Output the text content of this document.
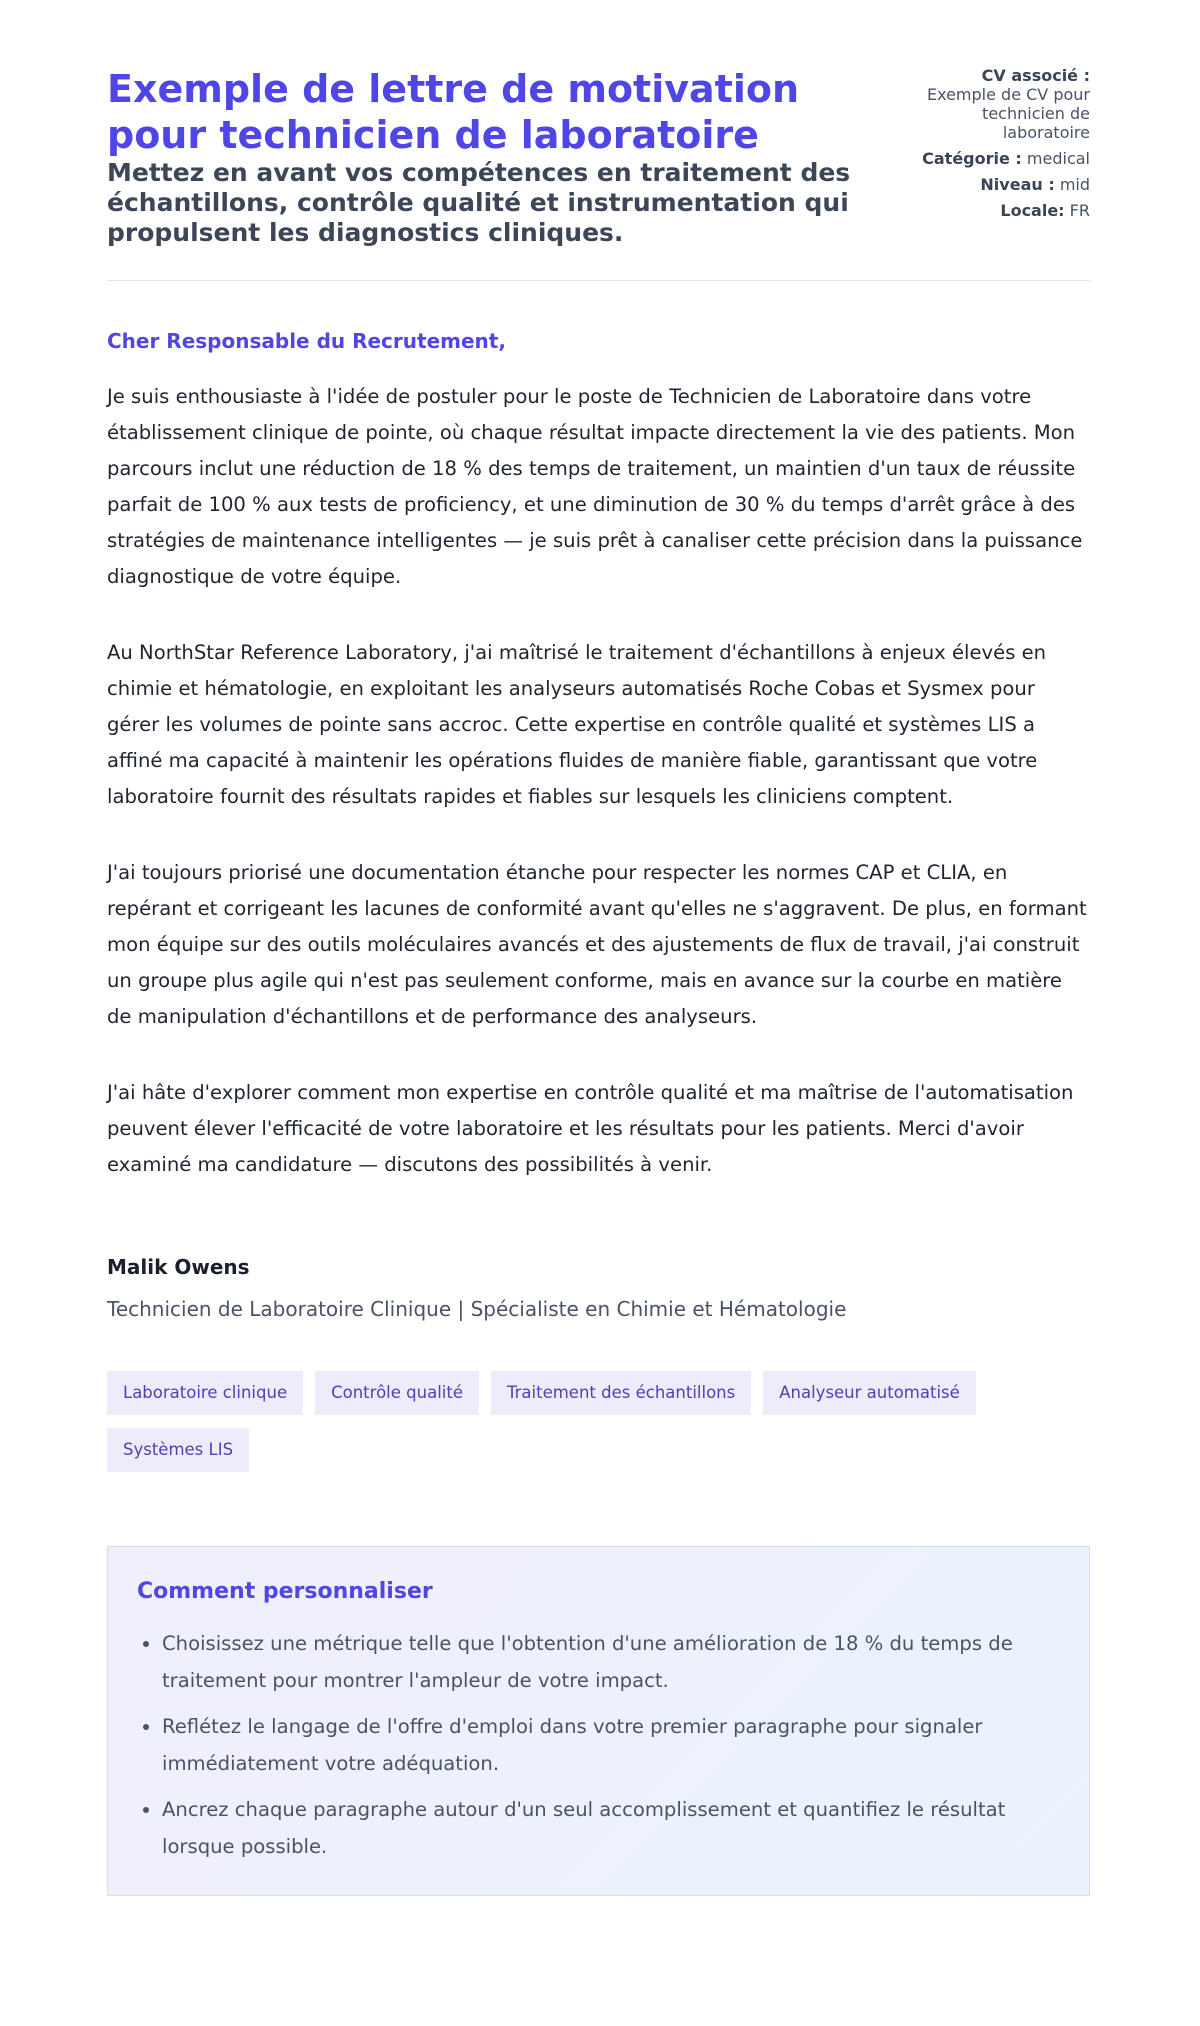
Exemple de lettre de motivation pour technicien de laboratoire

Mettez en avant vos compétences en traitement des échantillons, contrôle qualité et instrumentation qui propulsent les diagnostics cliniques.

CV associé :
Exemple de CV pour technicien de laboratoire
Catégorie : medical
Niveau : mid
Locale: FR
Cher Responsable du Recrutement,

Je suis enthousiaste à l'idée de postuler pour le poste de Technicien de Laboratoire dans votre établissement clinique de pointe, où chaque résultat impacte directement la vie des patients. Mon parcours inclut une réduction de 18 % des temps de traitement, un maintien d'un taux de réussite parfait de 100 % aux tests de proficiency, et une diminution de 30 % du temps d'arrêt grâce à des stratégies de maintenance intelligentes — je suis prêt à canaliser cette précision dans la puissance diagnostique de votre équipe.

Au NorthStar Reference Laboratory, j'ai maîtrisé le traitement d'échantillons à enjeux élevés en chimie et hématologie, en exploitant les analyseurs automatisés Roche Cobas et Sysmex pour gérer les volumes de pointe sans accroc. Cette expertise en contrôle qualité et systèmes LIS a affiné ma capacité à maintenir les opérations fluides de manière fiable, garantissant que votre laboratoire fournit des résultats rapides et fiables sur lesquels les cliniciens comptent.

J'ai toujours priorisé une documentation étanche pour respecter les normes CAP et CLIA, en repérant et corrigeant les lacunes de conformité avant qu'elles ne s'aggravent. De plus, en formant mon équipe sur des outils moléculaires avancés et des ajustements de flux de travail, j'ai construit un groupe plus agile qui n'est pas seulement conforme, mais en avance sur la courbe en matière de manipulation d'échantillons et de performance des analyseurs.

J'ai hâte d'explorer comment mon expertise en contrôle qualité et ma maîtrise de l'automatisation peuvent élever l'efficacité de votre laboratoire et les résultats pour les patients. Merci d'avoir examiné ma candidature — discutons des possibilités à venir.

Malik Owens
Technicien de Laboratoire Clinique | Spécialiste en Chimie et Hématologie
Laboratoire clinique	Contrôle qualité	Traitement des échantillons	Analyseur automatisé
Systèmes LIS
Comment personnaliser
• Choisissez une métrique telle que l'obtention d'une amélioration de 18 % du temps de traitement pour montrer l'ampleur de votre impact.
• Reflétez le langage de l'offre d'emploi dans votre premier paragraphe pour signaler immédiatement votre adéquation.
• Ancrez chaque paragraphe autour d'un seul accomplissement et quantifiez le résultat lorsque possible.
